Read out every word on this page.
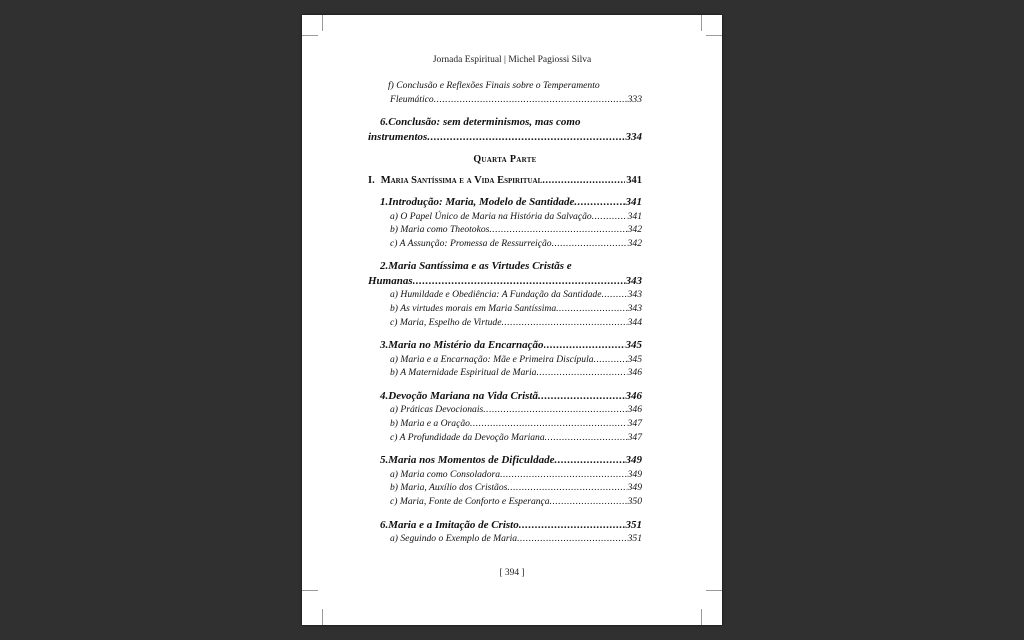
Jornada Espiritual | Michel Pagiossi Silva
f) Conclusão e Reflexões Finais sobre o Temperamento
Fleumático .....	333
6.Conclusão: sem determinismos, mas como
instrumentos .....	334
Quarta Parte
I. Maria Santíssima e a Vida Espiritual .....	341
1.Introdução: Maria, Modelo de Santidade .....	341
a) O Papel Único de Maria na História da Salvação .....	341
b) Maria como Theotokos .....	342
c) A Assunção: Promessa de Ressurreição .....	342
2.Maria Santíssima e as Virtudes Cristãs e
Humanas .....	343
a) Humildade e Obediência: A Fundação da Santidade .....	343
b) As virtudes morais em Maria Santíssima .....	343
c) Maria, Espelho de Virtude .....	344
3.Maria no Mistério da Encarnação .....	345
a) Maria e a Encarnação: Mãe e Primeira Discípula .....	345
b) A Maternidade Espiritual de Maria .....	346
4.Devoção Mariana na Vida Cristã .....	346
a) Práticas Devocionais .....	346
b) Maria e a Oração .....	347
c) A Profundidade da Devoção Mariana .....	347
5.Maria nos Momentos de Dificuldade .....	349
a) Maria como Consoladora .....	349
b) Maria, Auxílio dos Cristãos .....	349
c) Maria, Fonte de Conforto e Esperança .....	350
6.Maria e a Imitação de Cristo .....	351
a) Seguindo o Exemplo de Maria .....	351
[ 394 ]
